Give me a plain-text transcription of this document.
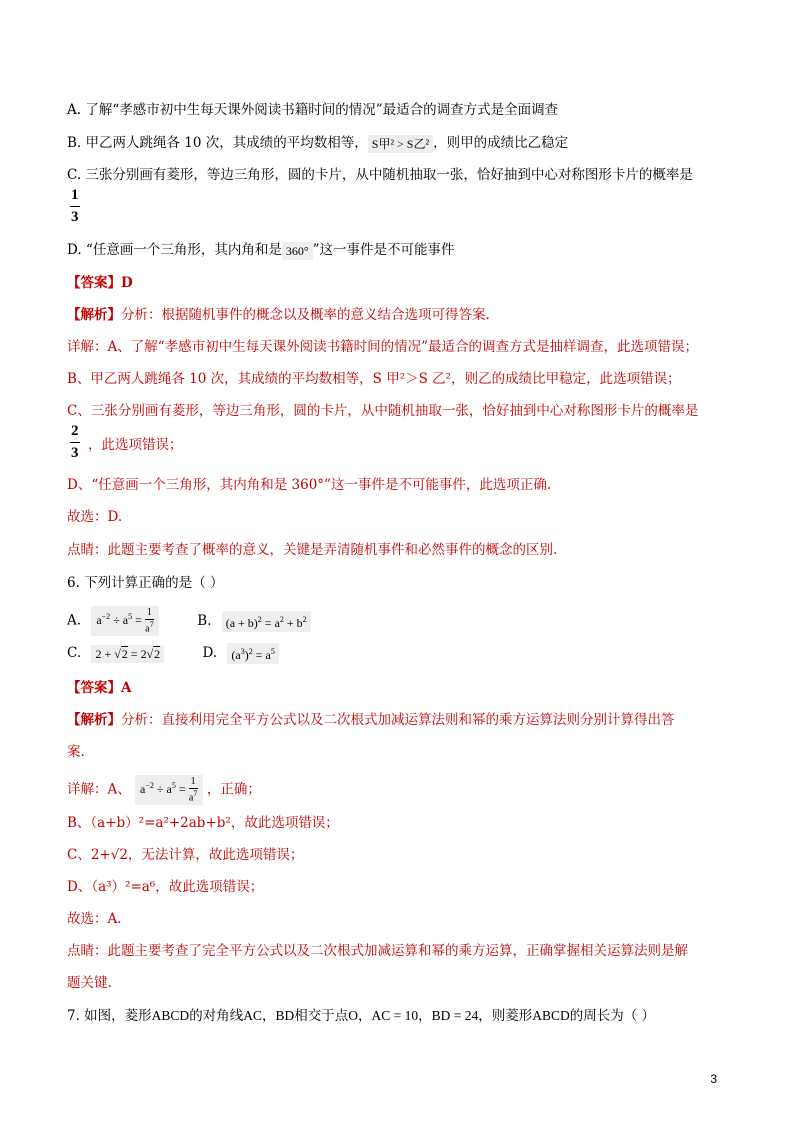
A. 了解“孝感市初中生每天课外阅读书籍时间的情况”最适合的调查方式是全面调查
B. 甲乙两人跳绳各 10 次，其成绩的平均数相等， S甲² > S乙² ，则甲的成绩比乙稳定
C. 三张分别画有菱形，等边三角形，圆的卡片，从中随机抽取一张，恰好抽到中心对称图形卡片的概率是
$\frac{1}{3}$
D. “任意画一个三角形，其内角和是 360° ”这一事件是不可能事件
【答案】D
【解析】分析：根据随机事件的概念以及概率的意义结合选项可得答案.
详解：A、了解“孝感市初中生每天课外阅读书籍时间的情况”最适合的调查方式是抽样调查，此选项错误；
B、甲乙两人跳绳各 10 次，其成绩的平均数相等，S 甲²＞S 乙²，则乙的成绩比甲稳定，此选项错误；
C、三张分别画有菱形，等边三角形，圆的卡片，从中随机抽取一张，恰好抽到中心对称图形卡片的概率是
$\frac{2}{3}$ ，此选项错误；
D、“任意画一个三角形，其内角和是 360°”这一事件是不可能事件，此选项正确.
故选：D.
点睛：此题主要考查了概率的意义，关键是弄清随机事件和必然事件的概念的区别.
6. 下列计算正确的是（ ）
A. $a^{-2} \div a^5 = \frac{1}{a^7}$	B. $(a + b)^2 = a^2 + b^2$
C. 2 + √2 = 2√2	D. $(a^3)^2 = a^5$
【答案】A
【解析】分析：直接利用完全平方公式以及二次根式加减运算法则和幂的乘方运算法则分别计算得出答
案.
详解：A、 $a^{-2} \div a^5 = \frac{1}{a^7}$ ，正确；
B、（a+b）²=a²+2ab+b²，故此选项错误；
C、2+√2，无法计算，故此选项错误；
D、（a³）²=a⁶，故此选项错误；
故选：A.
点睛：此题主要考查了完全平方公式以及二次根式加减运算和幂的乘方运算，正确掌握相关运算法则是解
题关键.
7. 如图，菱形ABCD的对角线AC，BD相交于点O，AC = 10，BD = 24，则菱形ABCD的周长为（ ）
3
